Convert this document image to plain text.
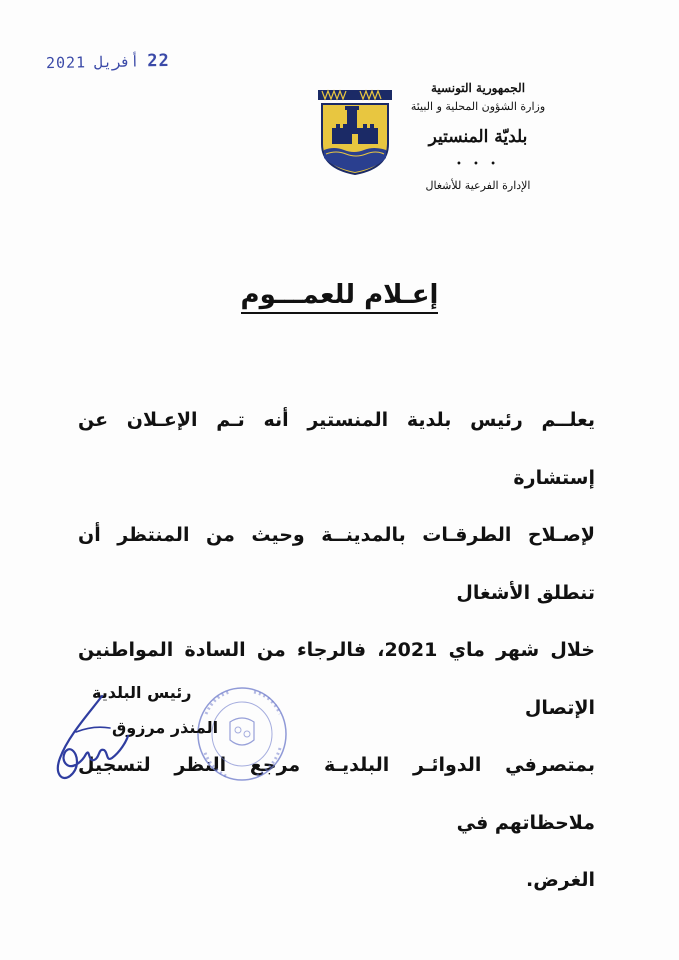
22
أفريل
2021
الجمهورية التونسية
وزارة الشؤون المحلية و البيئة
بلديّة المنستير
• • •
الإدارة الفرعية للأشغال
إعـلام للعمـــوم
يعلــم رئيس بلدية المنستير أنه تـم الإعـلان عن إستشارة
لإصـلاح الطرقـات بالمدينــة وحيث من المنتظر أن تنطلق الأشغال
خلال شهر ماي 2021، فالرجاء من السادة المواطنين الإتصال
بمتصرفي الدوائـر البلديـة مرجع النظر لتسجيل ملاحظاتهم في
الغرض.
رئيس البلدية
المنذر مرزوق
